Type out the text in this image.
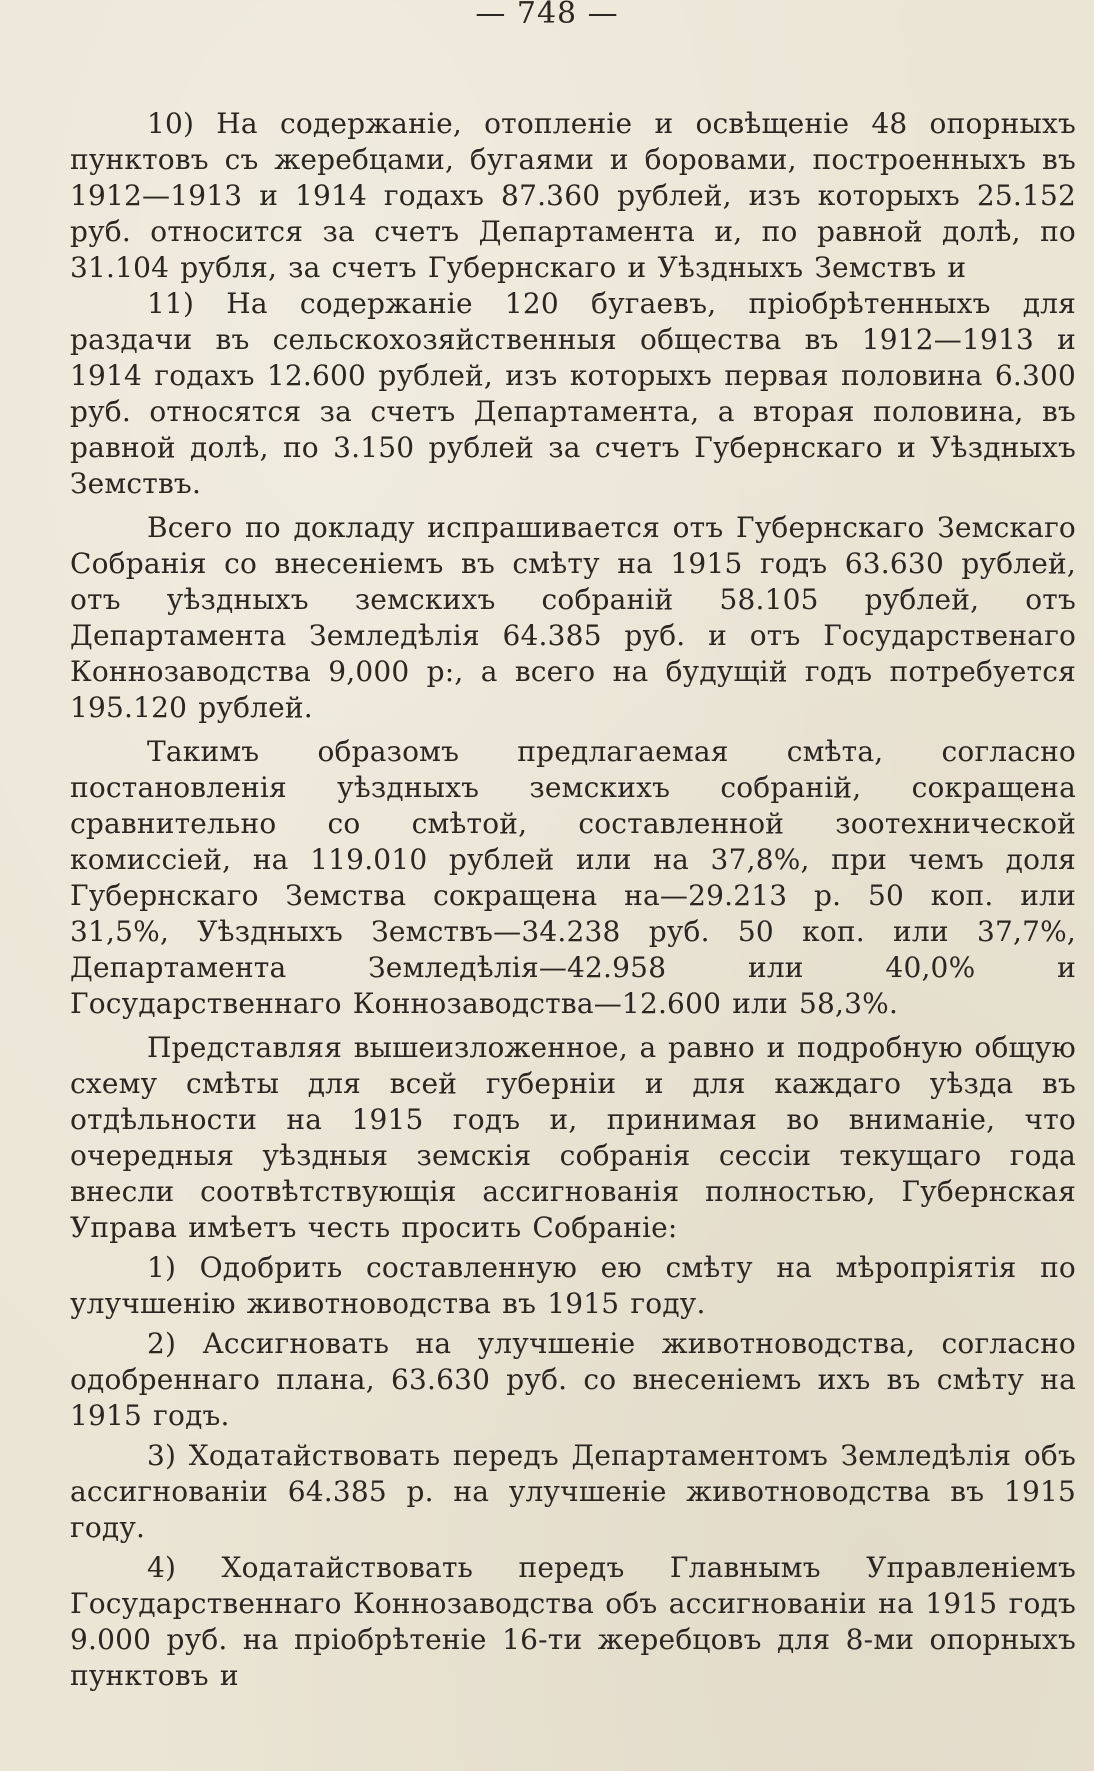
— 748 —

10) На содержаніе, отопленіе и освѣщеніе 48 опорныхъ пунктовъ съ жеребцами, бугаями и боровами, построенныхъ въ 1912—1913 и 1914 годахъ 87.360 рублей, изъ которыхъ 25.152 руб. относится за счетъ Департамента и, по равной долѣ, по 31.104 рубля, за счетъ Губернскаго и Уѣздныхъ Земствъ и

11) На содержаніе 120 бугаевъ, пріобрѣтенныхъ для раздачи въ сельскохозяйственныя общества въ 1912—1913 и 1914 годахъ 12.600 рублей, изъ которыхъ первая половина 6.300 руб. относятся за счетъ Департамента, а вторая половина, въ равной долѣ, по 3.150 рублей за счетъ Губернскаго и Уѣздныхъ Земствъ.

Всего по докладу испрашивается отъ Губернскаго Земскаго Собранія со внесеніемъ въ смѣту на 1915 годъ 63.630 рублей, отъ уѣздныхъ земскихъ собраній 58.105 рублей, отъ Департамента Земледѣлія 64.385 руб. и отъ Государственаго Коннозаводства 9,000 р:, а всего на будущій годъ потребуется 195.120 рублей.

Такимъ образомъ предлагаемая смѣта, согласно постановленія уѣздныхъ земскихъ собраній, сокращена сравнительно со смѣтой, составленной зоотехнической комиссіей, на 119.010 рублей или на 37,8%, при чемъ доля Губернскаго Земства сокращена на—29.213 р. 50 коп. или 31,5%, Уѣздныхъ Земствъ—34.238 руб. 50 коп. или 37,7%, Департамента Земледѣлія—42.958 или 40,0% и Государственнаго Коннозаводства—12.600 или 58,3%.

Представляя вышеизложенное, а равно и подробную общую схему смѣты для всей губерніи и для каждаго уѣзда въ отдѣльности на 1915 годъ и, принимая во вниманіе, что очередныя уѣздныя земскія собранія сессіи текущаго года внесли соотвѣтствующія ассигнованія полностью, Губернская Управа имѣетъ честь просить Собраніе:

1) Одобрить составленную ею смѣту на мѣропріятія по улучшенію животноводства въ 1915 году.

2) Ассигновать на улучшеніе животноводства, согласно одобреннаго плана, 63.630 руб. со внесеніемъ ихъ въ смѣту на 1915 годъ.

3) Ходатайствовать передъ Департаментомъ Земледѣлія объ ассигнованіи 64.385 р. на улучшеніе животноводства въ 1915 году.

4) Ходатайствовать передъ Главнымъ Управленіемъ Государственнаго Коннозаводства объ ассигнованіи на 1915 годъ 9.000 руб. на пріобрѣтеніе 16-ти жеребцовъ для 8-ми опорныхъ пунктовъ и
